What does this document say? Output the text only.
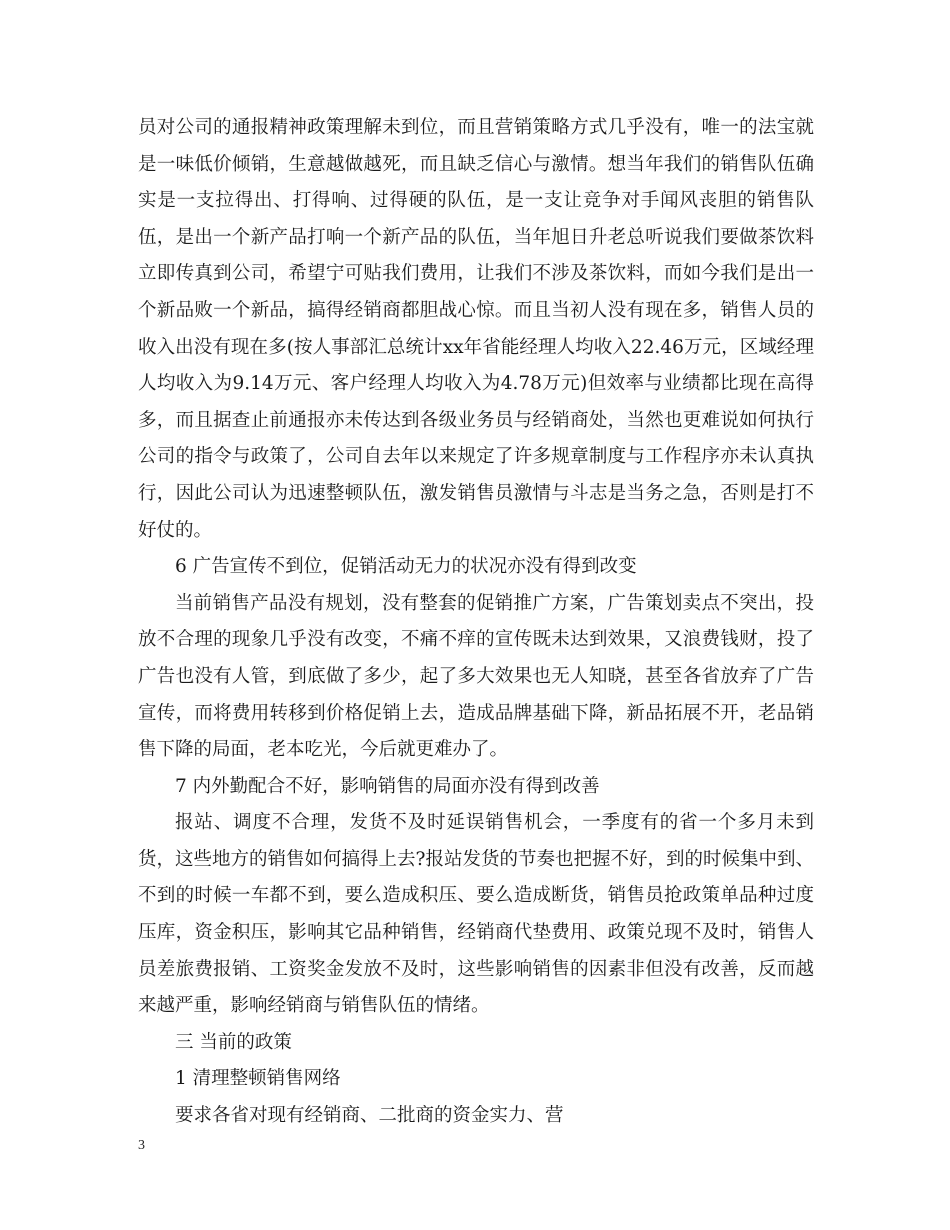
员对公司的通报精神政策理解未到位，而且营销策略方式几乎没有，唯一的法宝就是一味低价倾销，生意越做越死，而且缺乏信心与激情。想当年我们的销售队伍确实是一支拉得出、打得响、过得硬的队伍，是一支让竞争对手闻风丧胆的销售队伍，是出一个新产品打响一个新产品的队伍，当年旭日升老总听说我们要做茶饮料立即传真到公司，希望宁可贴我们费用，让我们不涉及茶饮料，而如今我们是出一个新品败一个新品，搞得经销商都胆战心惊。而且当初人没有现在多，销售人员的收入出没有现在多(按人事部汇总统计xx年省能经理人均收入22.46万元，区域经理人均收入为9.14万元、客户经理人均收入为4.78万元)但效率与业绩都比现在高得多，而且据查止前通报亦未传达到各级业务员与经销商处，当然也更难说如何执行公司的指令与政策了，公司自去年以来规定了许多规章制度与工作程序亦未认真执行，因此公司认为迅速整顿队伍，激发销售员激情与斗志是当务之急，否则是打不好仗的。

6 广告宣传不到位，促销活动无力的状况亦没有得到改变

当前销售产品没有规划，没有整套的促销推广方案，广告策划卖点不突出，投放不合理的现象几乎没有改变，不痛不痒的宣传既未达到效果，又浪费钱财，投了广告也没有人管，到底做了多少，起了多大效果也无人知晓，甚至各省放弃了广告宣传，而将费用转移到价格促销上去，造成品牌基础下降，新品拓展不开，老品销售下降的局面，老本吃光，今后就更难办了。

7 内外勤配合不好，影响销售的局面亦没有得到改善

报站、调度不合理，发货不及时延误销售机会，一季度有的省一个多月未到货，这些地方的销售如何搞得上去?报站发货的节奏也把握不好，到的时候集中到、不到的时候一车都不到，要么造成积压、要么造成断货，销售员抢政策单品种过度压库，资金积压，影响其它品种销售，经销商代垫费用、政策兑现不及时，销售人员差旅费报销、工资奖金发放不及时，这些影响销售的因素非但没有改善，反而越来越严重，影响经销商与销售队伍的情绪。

三 当前的政策

1 清理整顿销售网络

要求各省对现有经销商、二批商的资金实力、营

3
